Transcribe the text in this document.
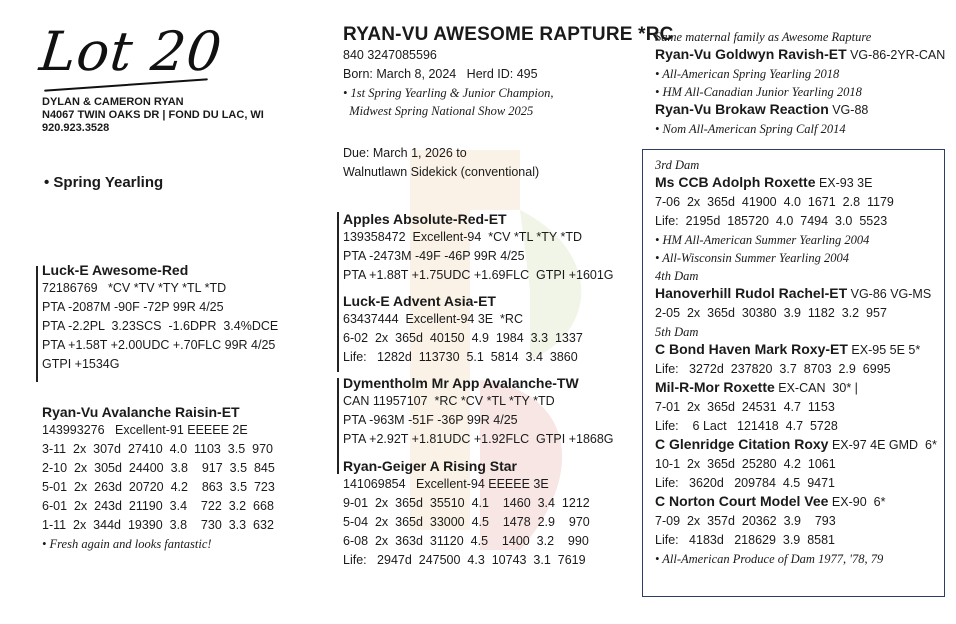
Lot 20
DYLAN & CAMERON RYAN
N4067 TWIN OAKS DR | FOND DU LAC, WI
920.923.3528
• Spring Yearling
Luck-E Awesome-Red
72186769   *CV *TV *TY *TL *TD
PTA -2087M -90F -72P 99R 4/25
PTA -2.2PL  3.23SCS  -1.6DPR  3.4%DCE
PTA +1.58T +2.00UDC +.70FLC 99R 4/25
GTPI +1534G
Ryan-Vu Avalanche Raisin-ET
143993276   Excellent-91 EEEEE 2E
3-11  2x  307d  27410  4.0  1103  3.5  970
2-10  2x  305d  24400  3.8    917  3.5  845
5-01  2x  263d  20720  4.2    863  3.5  723
6-01  2x  243d  21190  3.4    722  3.2  668
1-11  2x  344d  19390  3.8    730  3.3  632
• Fresh again and looks fantastic!
RYAN-VU AWESOME RAPTURE *RC
840 3247085596
Born: March 8, 2024   Herd ID: 495
• 1st Spring Yearling & Junior Champion,
Midwest Spring National Show 2025
Due: March 1, 2026 to
Walnutlawn Sidekick (conventional)
Apples Absolute-Red-ET
139358472  Excellent-94  *CV *TL *TY *TD
PTA -2473M -49F -46P 99R 4/25
PTA +1.88T +1.75UDC +1.69FLC  GTPI +1601G
Luck-E Advent Asia-ET
63437444  Excellent-94 3E  *RC
6-02  2x  365d  40150  4.9  1984  3.3  1337
Life:   1282d  113730  5.1  5814  3.4  3860
Dymentholm Mr App Avalanche-TW
CAN 11957107  *RC *CV *TL *TY *TD
PTA -963M -51F -36P 99R 4/25
PTA +2.92T +1.81UDC +1.92FLC  GTPI +1868G
Ryan-Geiger A Rising Star
141069854   Excellent-94 EEEEE 3E
9-01  2x  365d  35510  4.1    1460  3.4  1212
5-04  2x  365d  33000  4.5    1478  2.9    970
6-08  2x  363d  31120  4.5    1400  3.2    990
Life:   2947d  247500  4.3  10743  3.1  7619
Same maternal family as Awesome Rapture
Ryan-Vu Goldwyn Ravish-ET VG-86-2YR-CAN
• All-American Spring Yearling 2018
• HM All-Canadian Junior Yearling 2018
Ryan-Vu Brokaw Reaction VG-88
• Nom All-American Spring Calf 2014
3rd Dam
Ms CCB Adolph Roxette EX-93 3E
7-06  2x  365d  41900  4.0  1671  2.8  1179
Life:  2195d  185720  4.0  7494  3.0  5523
• HM All-American Summer Yearling 2004
• All-Wisconsin Summer Yearling 2004
4th Dam
Hanoverhill Rudol Rachel-ET VG-86 VG-MS
2-05  2x  365d  30380  3.9  1182  3.2  957
5th Dam
C Bond Haven Mark Roxy-ET EX-95 5E 5*
Life:   3272d  237820  3.7  8703  2.9  6995
Mil-R-Mor Roxette EX-CAN  30* |
7-01  2x  365d  24531  4.7  1153
Life:    6 Lact   121418  4.7  5728
C Glenridge Citation Roxy EX-97 4E GMD  6*
10-1  2x  365d  25280  4.2  1061
Life:   3620d   209784  4.5  9471
C Norton Court Model Vee EX-90  6*
7-09  2x  357d  20362  3.9    793
Life:   4183d   218629  3.9  8581
• All-American Produce of Dam 1977, '78, 79
